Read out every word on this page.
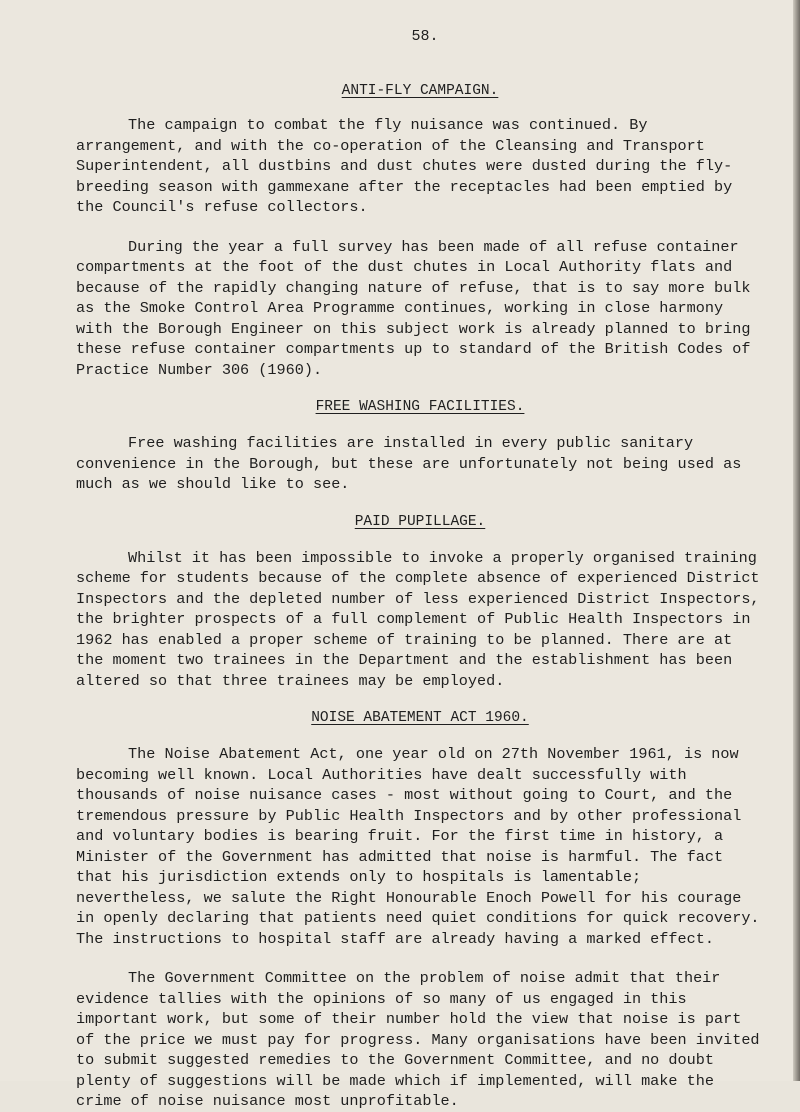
58.
ANTI-FLY CAMPAIGN.

The campaign to combat the fly nuisance was continued. By arrangement, and with the co-operation of the Cleansing and Transport Superintendent, all dustbins and dust chutes were dusted during the fly-breeding season with gammexane after the receptacles had been emptied by the Council's refuse collectors.

During the year a full survey has been made of all refuse container compartments at the foot of the dust chutes in Local Authority flats and because of the rapidly changing nature of refuse, that is to say more bulk as the Smoke Control Area Programme continues, working in close harmony with the Borough Engineer on this subject work is already planned to bring these refuse container compartments up to standard of the British Codes of Practice Number 306 (1960).

FREE WASHING FACILITIES.

Free washing facilities are installed in every public sanitary convenience in the Borough, but these are unfortunately not being used as much as we should like to see.

PAID PUPILLAGE.

Whilst it has been impossible to invoke a properly organised training scheme for students because of the complete absence of experienced District Inspectors and the depleted number of less experienced District Inspectors, the brighter prospects of a full complement of Public Health Inspectors in 1962 has enabled a proper scheme of training to be planned. There are at the moment two trainees in the Department and the establishment has been altered so that three trainees may be employed.

NOISE ABATEMENT ACT 1960.

The Noise Abatement Act, one year old on 27th November 1961, is now becoming well known. Local Authorities have dealt successfully with thousands of noise nuisance cases - most without going to Court, and the tremendous pressure by Public Health Inspectors and by other professional and voluntary bodies is bearing fruit. For the first time in history, a Minister of the Government has admitted that noise is harmful. The fact that his jurisdiction extends only to hospitals is lamentable; nevertheless, we salute the Right Honourable Enoch Powell for his courage in openly declaring that patients need quiet conditions for quick recovery. The instructions to hospital staff are already having a marked effect.

The Government Committee on the problem of noise admit that their evidence tallies with the opinions of so many of us engaged in this important work, but some of their number hold the view that noise is part of the price we must pay for progress. Many organisations have been invited to submit suggested remedies to the Government Committee, and no doubt plenty of suggestions will be made which if implemented, will make the crime of noise nuisance most unprofitable.
